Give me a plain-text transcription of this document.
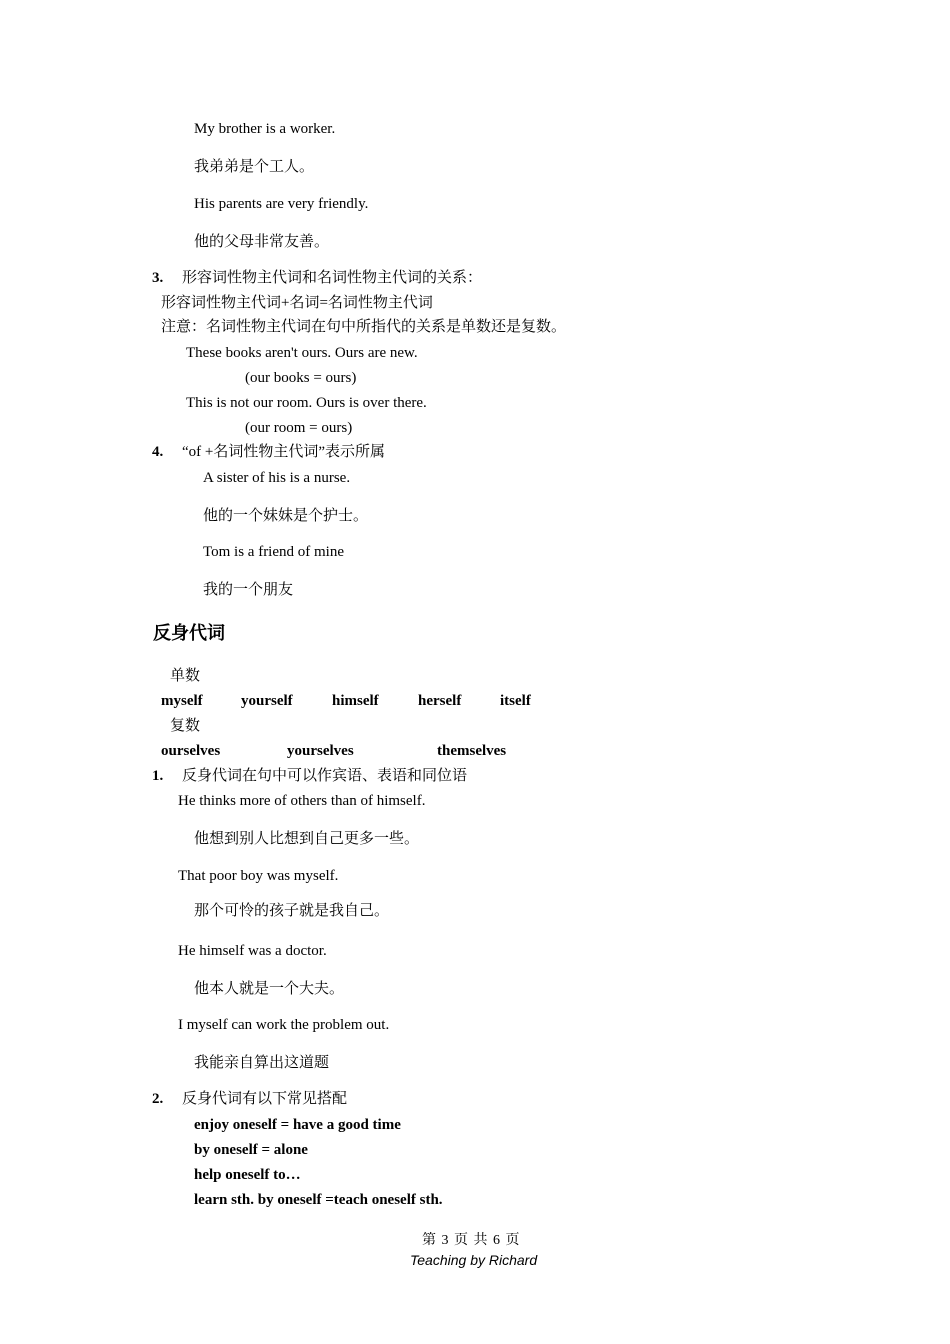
My brother is a worker.
我弟弟是个工人。
His parents are very friendly.
他的父母非常友善。
3. 形容词性物主代词和名词性物主代词的关系：
形容词性物主代词+名词=名词性物主代词
注意：名词性物主代词在句中所指代的关系是单数还是复数。
These books aren't ours. Ours are new.
(our books = ours)
This is not our room. Ours is over there.
(our room = ours)
4. “of +名词性物主代词”表示所属
A sister of his is a nurse.
他的一个妹妹是个护士。
Tom is a friend of mine
我的一个朋友
反身代词
单数
myself	yourself	himself	herself	itself
复数
ourselves	yourselves	themselves
1. 反身代词在句中可以作宾语、表语和同位语
He thinks more of others than of himself.
他想到别人比想到自己更多一些。
That poor boy was myself.
那个可怜的孩子就是我自己。
He himself was a doctor.
他本人就是一个大夫。
I myself can work the problem out.
我能亲自算出这道题
2. 反身代词有以下常见搭配
enjoy oneself = have a good time
by oneself = alone
help oneself to…
learn sth. by oneself =teach oneself sth.
第 3 页 共 6 页
Teaching by Richard
